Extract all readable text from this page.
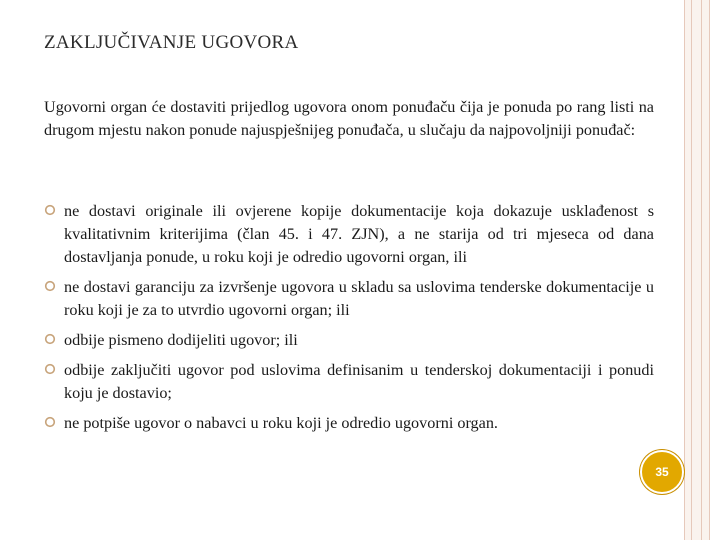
ZAKLJUČIVANJE UGOVORA

Ugovorni organ će dostaviti prijedlog ugovora onom ponuđaču čija je ponuda po rang listi na drugom mjestu nakon ponude najuspješnijeg ponuđača, u slučaju da najpovoljniji ponuđač:

ne dostavi originale ili ovjerene kopije dokumentacije koja dokazuje usklađenost s kvalitativnim kriterijima (član 45. i 47. ZJN), a ne starija od tri mjeseca od dana dostavljanja ponude, u roku koji je odredio ugovorni organ, ili
ne dostavi garanciju za izvršenje ugovora u skladu sa uslovima tenderske dokumentacije u roku koji je za to utvrdio ugovorni organ; ili
odbije pismeno dodijeliti ugovor; ili
odbije zaključiti ugovor pod uslovima definisanim u tenderskoj dokumentaciji i ponudi koju je dostavio;
ne potpiše ugovor o nabavci u roku koji je odredio ugovorni organ.
35
